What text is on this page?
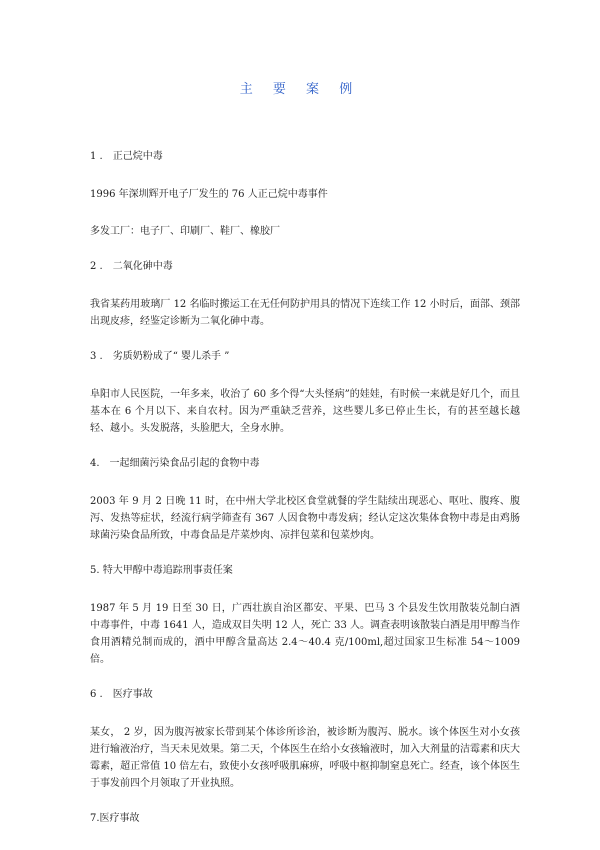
主 要 案 例
1 .　正己烷中毒
1996 年深圳辉开电子厂发生的 76 人正己烷中毒事件
多发工厂：电子厂、印刷厂、鞋厂、橡胶厂
2 .　二氧化砷中毒
我省某药用玻璃厂 12 名临时搬运工在无任何防护用具的情况下连续工作 12 小时后，面部、颈部出现皮疹，经鉴定诊断为二氧化砷中毒。
3 .　劣质奶粉成了“ 婴儿杀手 ”
阜阳市人民医院，一年多来，收治了 60 多个得“大头怪病”的娃娃，有时候一来就是好几个，而且基本在 6 个月以下、来自农村。因为严重缺乏营养，这些婴儿多已停止生长，有的甚至越长越轻、越小。头发脱落，头脸肥大，全身水肿。
4.　一起细菌污染食品引起的食物中毒
2003 年 9 月 2 日晚 11 时，在中州大学北校区食堂就餐的学生陆续出现恶心、呕吐、腹疼、腹泻、发热等症状，经流行病学筛查有 367 人因食物中毒发病；经认定这次集体食物中毒是由鸡肠球菌污染食品所致，中毒食品是芹菜炒肉、凉拌包菜和包菜炒肉。
5. 特大甲醇中毒追踪刑事责任案
1987 年 5 月 19 日至 30 日，广西壮族自治区都安、平果、巴马 3 个县发生饮用散装兑制白酒中毒事件，中毒 1641 人，造成双目失明 12 人，死亡 33 人。调查表明该散装白酒是用甲醇当作食用酒精兑制而成的，酒中甲醇含量高达 2.4～40.4 克/100ml,超过国家卫生标准 54～1009 倍。
6 .　医疗事故
某女， 2 岁，因为腹泻被家长带到某个体诊所诊治，被诊断为腹泻、脱水。该个体医生对小女孩进行输液治疗，当天未见效果。第二天，个体医生在给小女孩输液时，加入大剂量的洁霉素和庆大霉素，超正常值 10 倍左右，致使小女孩呼吸肌麻痹，呼吸中枢抑制窒息死亡。经查，该个体医生于事发前四个月领取了开业执照。
7.医疗事故
